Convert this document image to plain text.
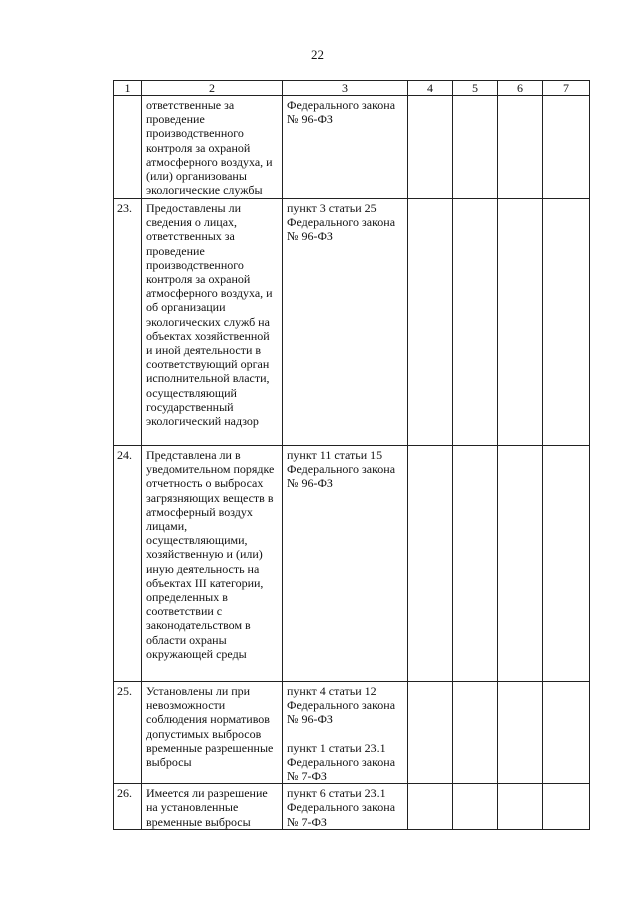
22
1	2	3	4	5	6	7
	ответственные за проведение производственного контроля за охраной атмосферного воздуха, и (или) организованы экологические службы	Федерального закона № 96-ФЗ				

23.	Предоставлены ли сведения о лицах, ответственных за проведение производственного контроля за охраной атмосферного воздуха, и об организации экологических служб на объектах хозяйственной и иной деятельности в соответствующий орган исполнительной власти, осуществляющий государственный экологический надзор	пункт 3 статьи 25 Федерального закона № 96-ФЗ				

24.	Представлена ли в уведомительном порядке отчетность о выбросах загрязняющих веществ в атмосферный воздух лицами, осуществляющими, хозяйственную и (или) иную деятельность на объектах III категории, определенных в соответствии с законодательством в области охраны окружающей среды	пункт 11 статьи 15 Федерального закона № 96-ФЗ				

25.	Установлены ли при невозможности соблюдения нормативов допустимых выбросов временные разрешенные выбросы	пункт 4 статьи 12 Федерального закона № 96-ФЗ
пункт 1 статьи 23.1 Федерального закона № 7-ФЗ				

26.	Имеется ли разрешение на установленные временные выбросы	пункт 6 статьи 23.1 Федерального закона № 7-ФЗ				
